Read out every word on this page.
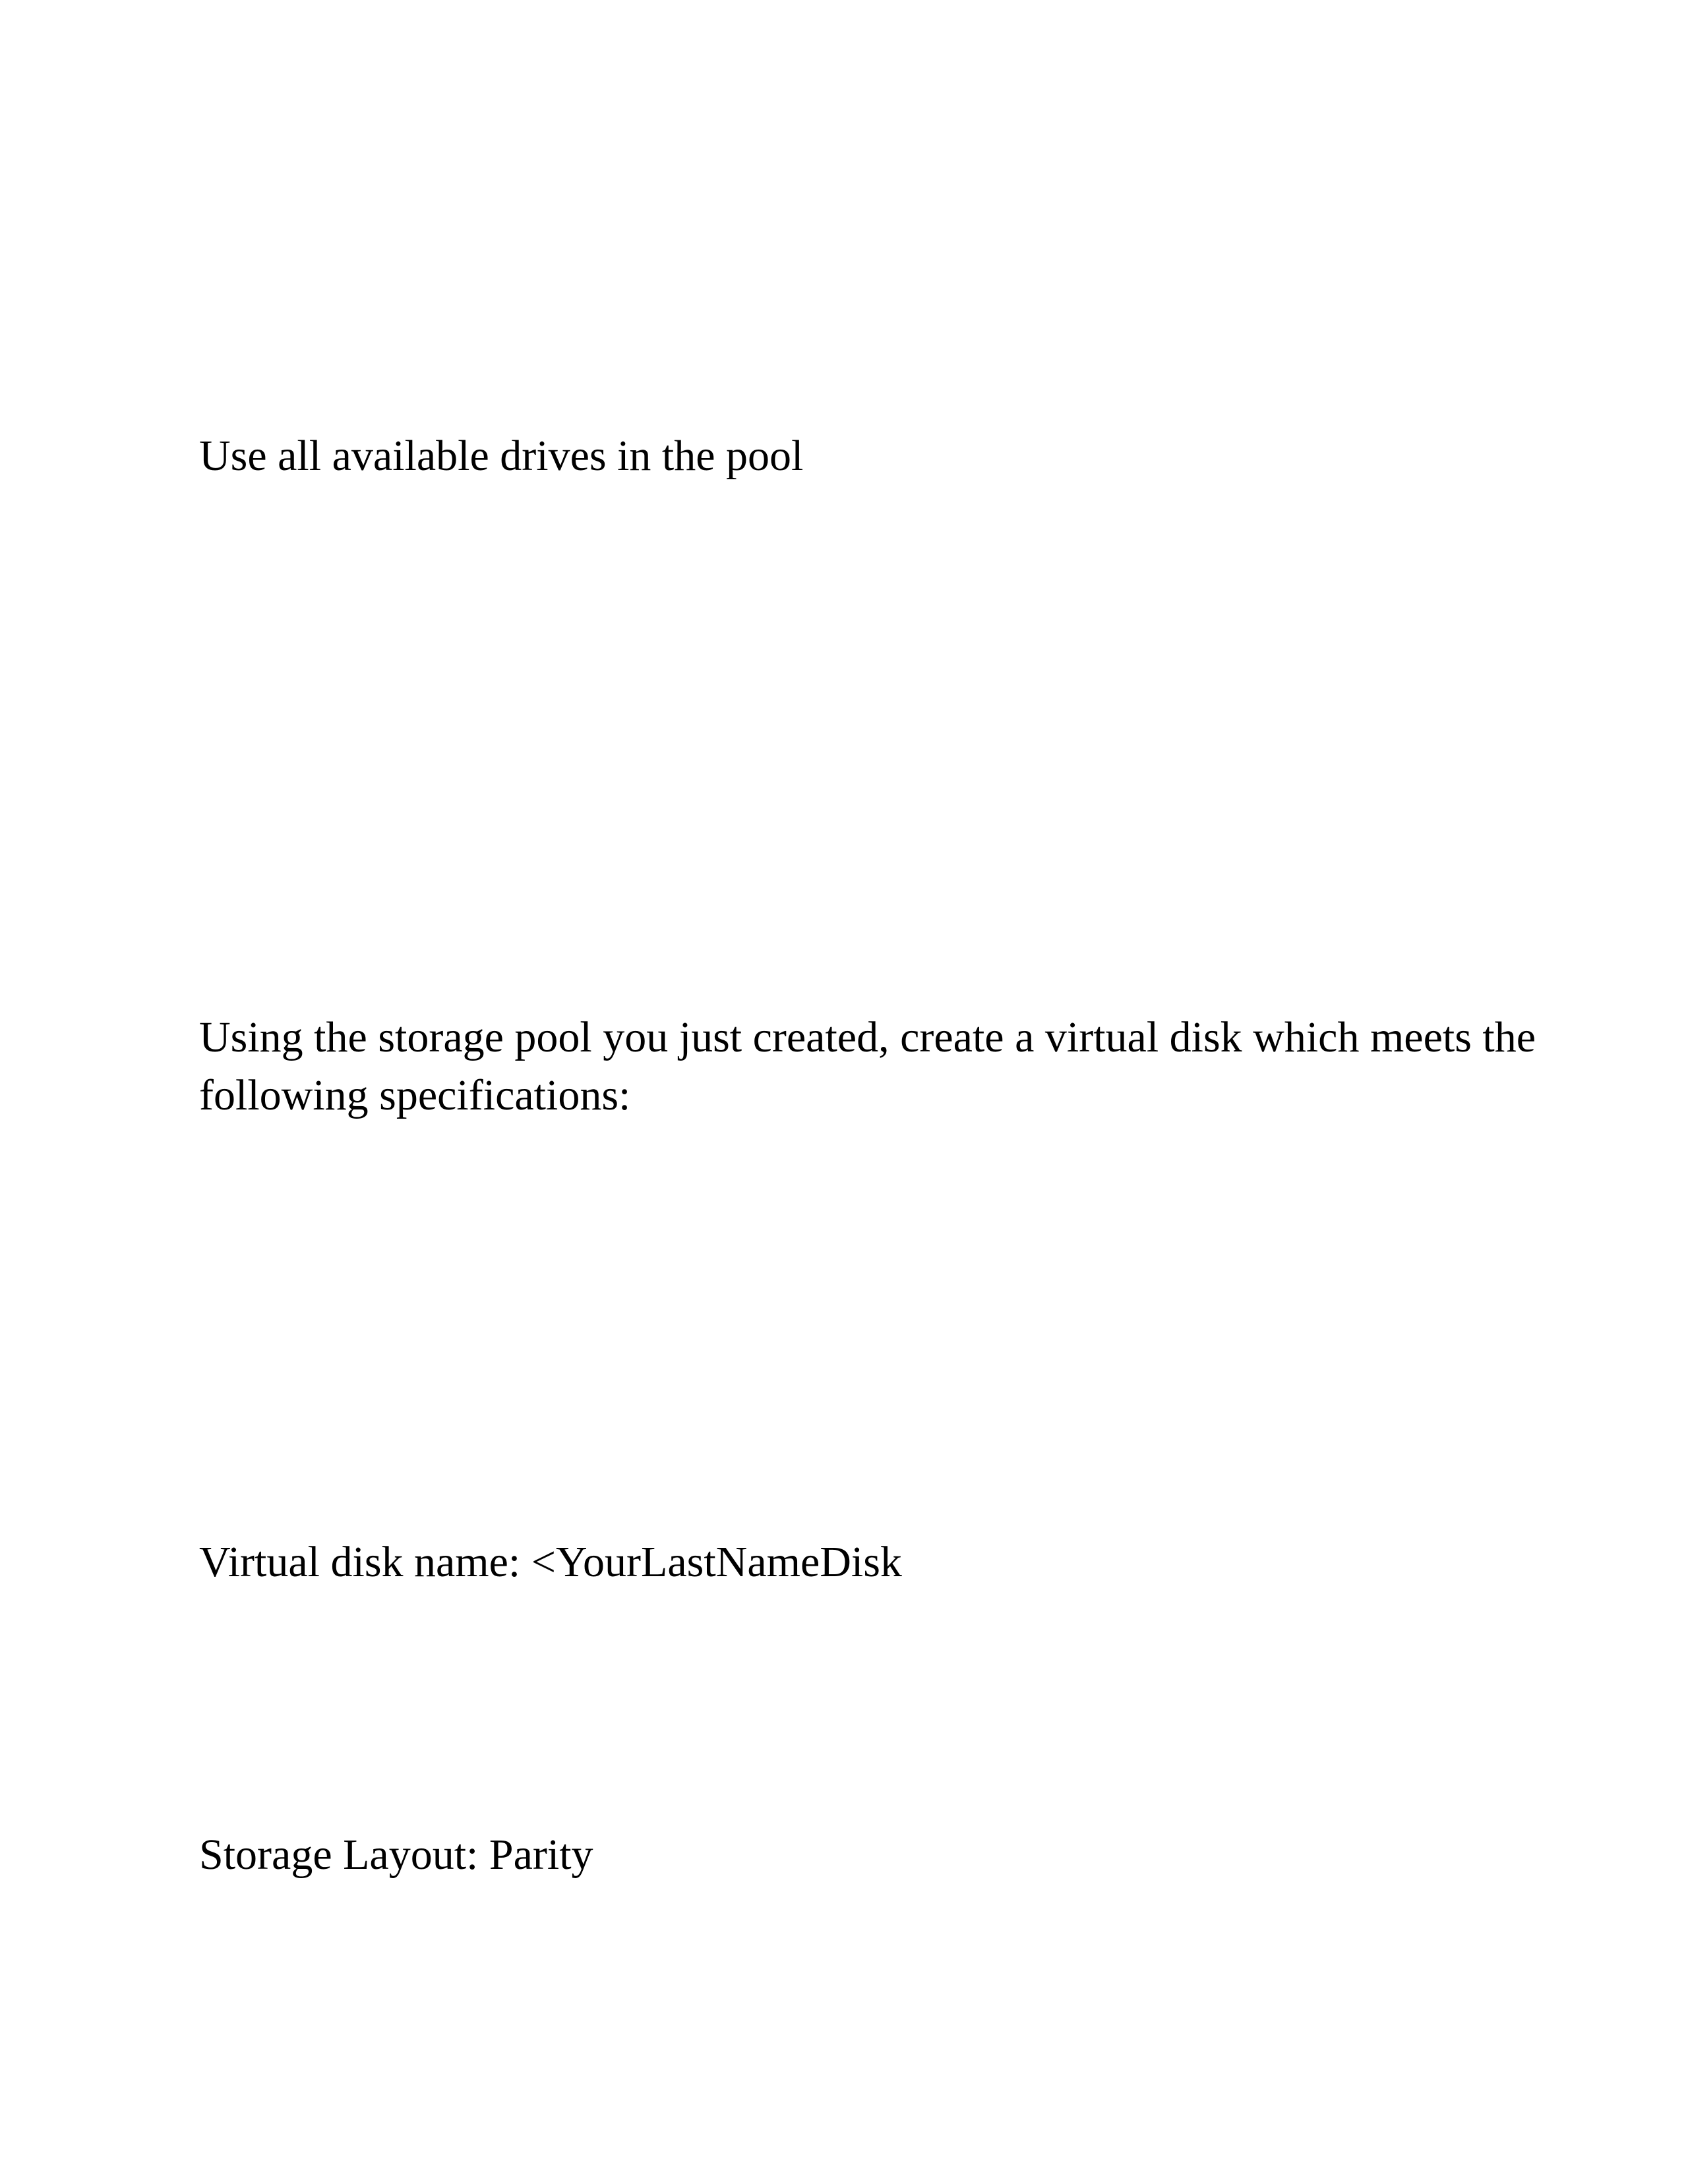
Use all available drives in the pool

Using the storage pool you just created, create a virtual disk which meets the following specifications:

Virtual disk name: <YourLastNameDisk

Storage Layout: Parity
